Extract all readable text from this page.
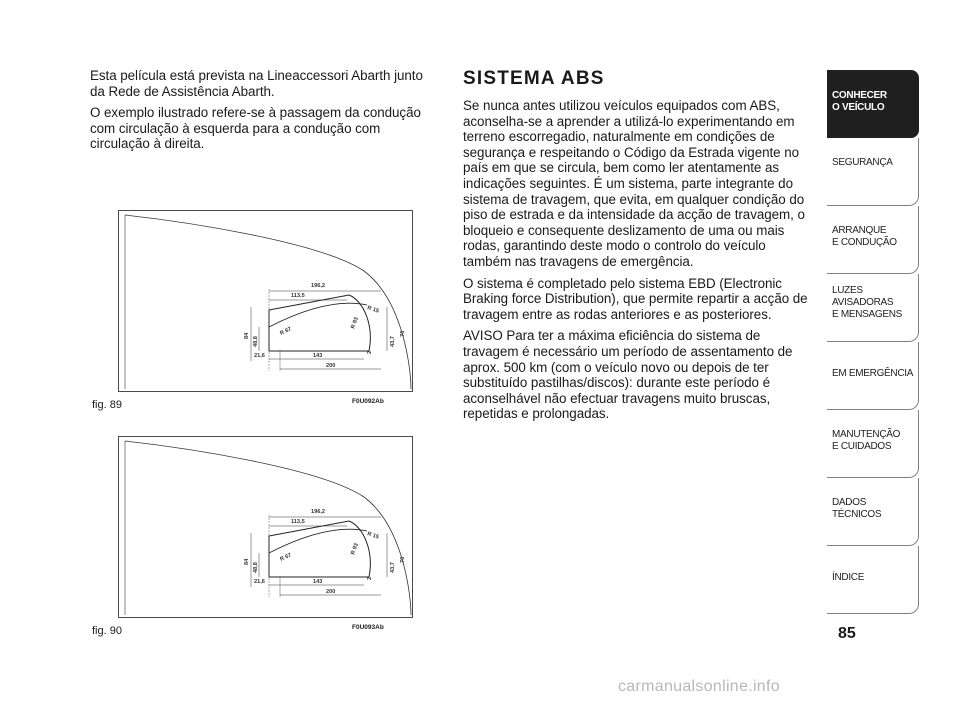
Esta película está prevista na Lineaccessori Abarth junto da Rede de Assistência Abarth.

O exemplo ilustrado refere-se à passagem da condução com circulação à esquerda para a condução com circulação à direita.

196,2
113,5
84
48,8
R 67
R 93
R 15
43,7
76
21,6	143
2
200
fig. 89	F0U092Ab
196,2
113,5
84
48,8
R 67
R 93
R 15
43,7
76
21,6	143
2
200
fig. 90	F0U093Ab
SISTEMA ABS

Se nunca antes utilizou veículos equipados com ABS, aconselha-se a aprender a utilizá-lo experimentando em terreno escorregadio, naturalmente em condições de segurança e respeitando o Código da Estrada vigente no país em que se circula, bem como ler atentamente as indicações seguintes. É um sistema, parte integrante do sistema de travagem, que evita, em qualquer condição do piso de estrada e da intensidade da acção de travagem, o bloqueio e consequente deslizamento de uma ou mais rodas, garantindo deste modo o controlo do veículo também nas travagens de emergência.

O sistema é completado pelo sistema EBD (Electronic Braking force Distribution), que permite repartir a acção de travagem entre as rodas anteriores e as posteriores.

AVISO Para ter a máxima eficiência do sistema de travagem é necessário um período de assentamento de aprox. 500 km (com o veículo novo ou depois de ter substituído pastilhas/discos): durante este período é aconselhável não efectuar travagens muito bruscas, repetidas e prolongadas.

CONHECER
O VEÍCULO
SEGURANÇA
ARRANQUE
E CONDUÇÃO
LUZES
AVISADORAS
E MENSAGENS
EM EMERGÊNCIA
MANUTENÇÃO
E CUIDADOS
DADOS
TÉCNICOS
ÍNDICE
85
carmanualsonline.info
